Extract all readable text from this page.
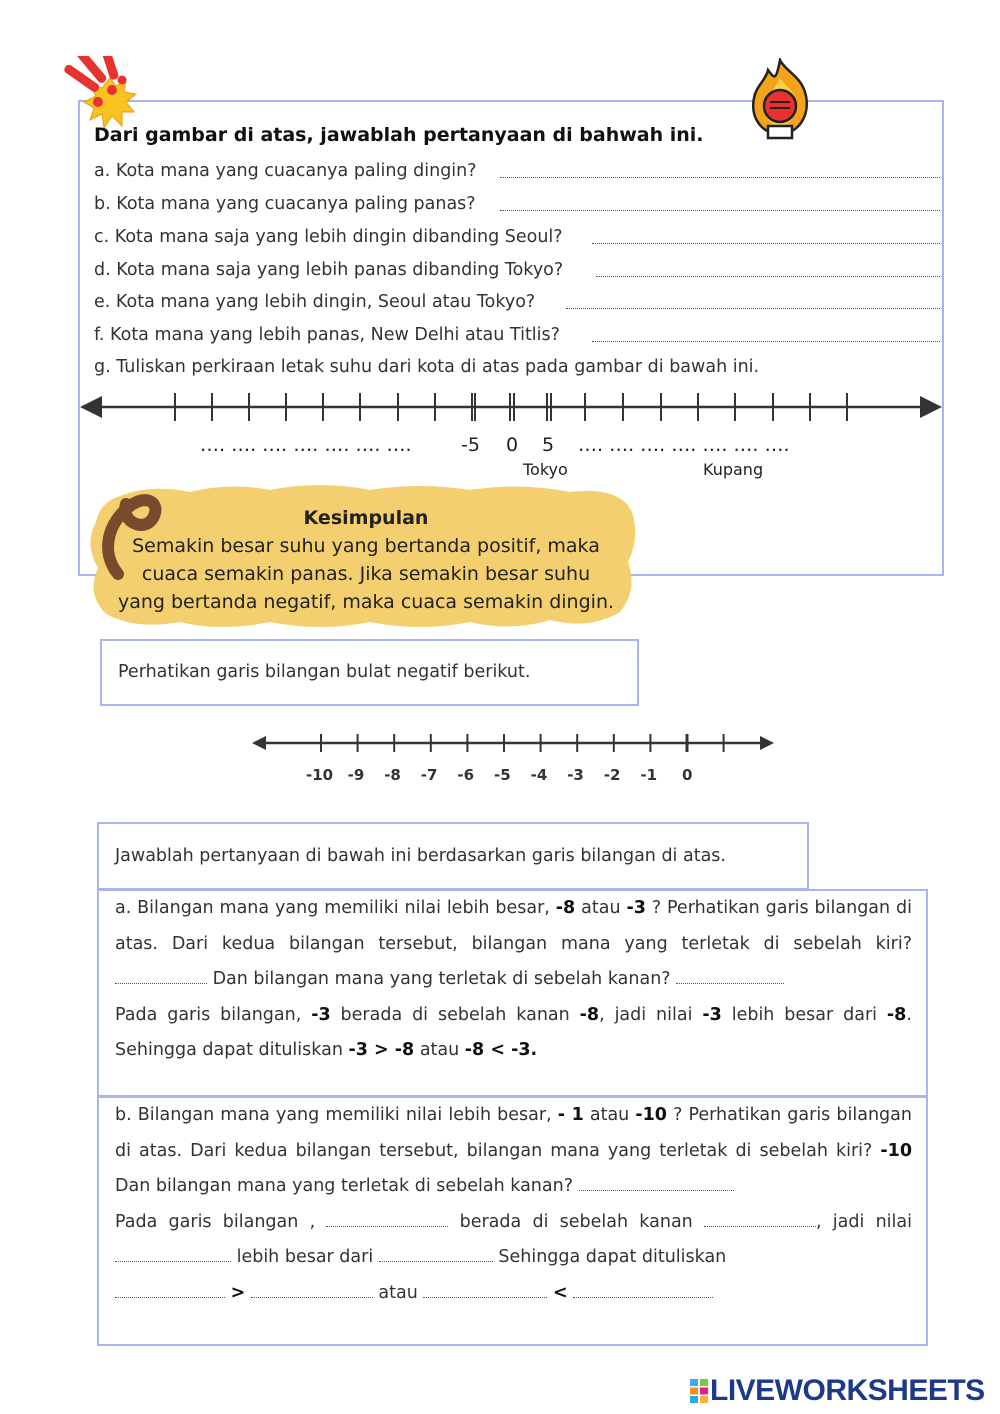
Dari gambar di atas, jawablah pertanyaan di bahwah ini.
a. Kota mana yang cuacanya paling dingin?
b. Kota mana yang cuacanya paling panas?
c. Kota mana saja yang lebih dingin dibanding Seoul?
d. Kota mana saja yang lebih panas dibanding Tokyo?
e. Kota mana yang lebih dingin, Seoul atau Tokyo?
f. Kota mana yang lebih panas, New Delhi atau Titlis?
g. Tuliskan perkiraan letak suhu dari kota di atas pada gambar di bawah ini.
…. …. …. …. …. …. ….	-5 0 5 …. …. …. …. …. …. ….
Tokyo	Kupang
Kesimpulan
Semakin besar suhu yang bertanda positif, maka
cuaca semakin panas. Jika semakin besar suhu
yang bertanda negatif, maka cuaca semakin dingin.
Perhatikan garis bilangan bulat negatif berikut.
-10 -9 -8 -7 -6 -5 -4 -3 -2 -1 0
Jawablah pertanyaan di bawah ini berdasarkan garis bilangan di atas.
a. Bilangan mana yang memiliki nilai lebih besar, -8 atau -3 ? Perhatikan garis bilangan di atas. Dari kedua bilangan tersebut, bilangan mana yang terletak di sebelah kiri?  Dan bilangan mana yang terletak di sebelah kanan?
Pada garis bilangan, -3 berada di sebelah kanan -8, jadi nilai -3 lebih besar dari -8. Sehingga dapat dituliskan -3 > -8 atau -8 < -3.
b. Bilangan mana yang memiliki nilai lebih besar, - 1 atau -10 ? Perhatikan garis bilangan di atas. Dari kedua bilangan tersebut, bilangan mana yang terletak di sebelah kiri? -10 Dan bilangan mana yang terletak di sebelah kanan?
Pada garis bilangan ,	berada di sebelah kanan	, jadi nilai  lebih besar dari	Sehingga dapat dituliskan
>	atau	<
LIVEWORKSHEETS
